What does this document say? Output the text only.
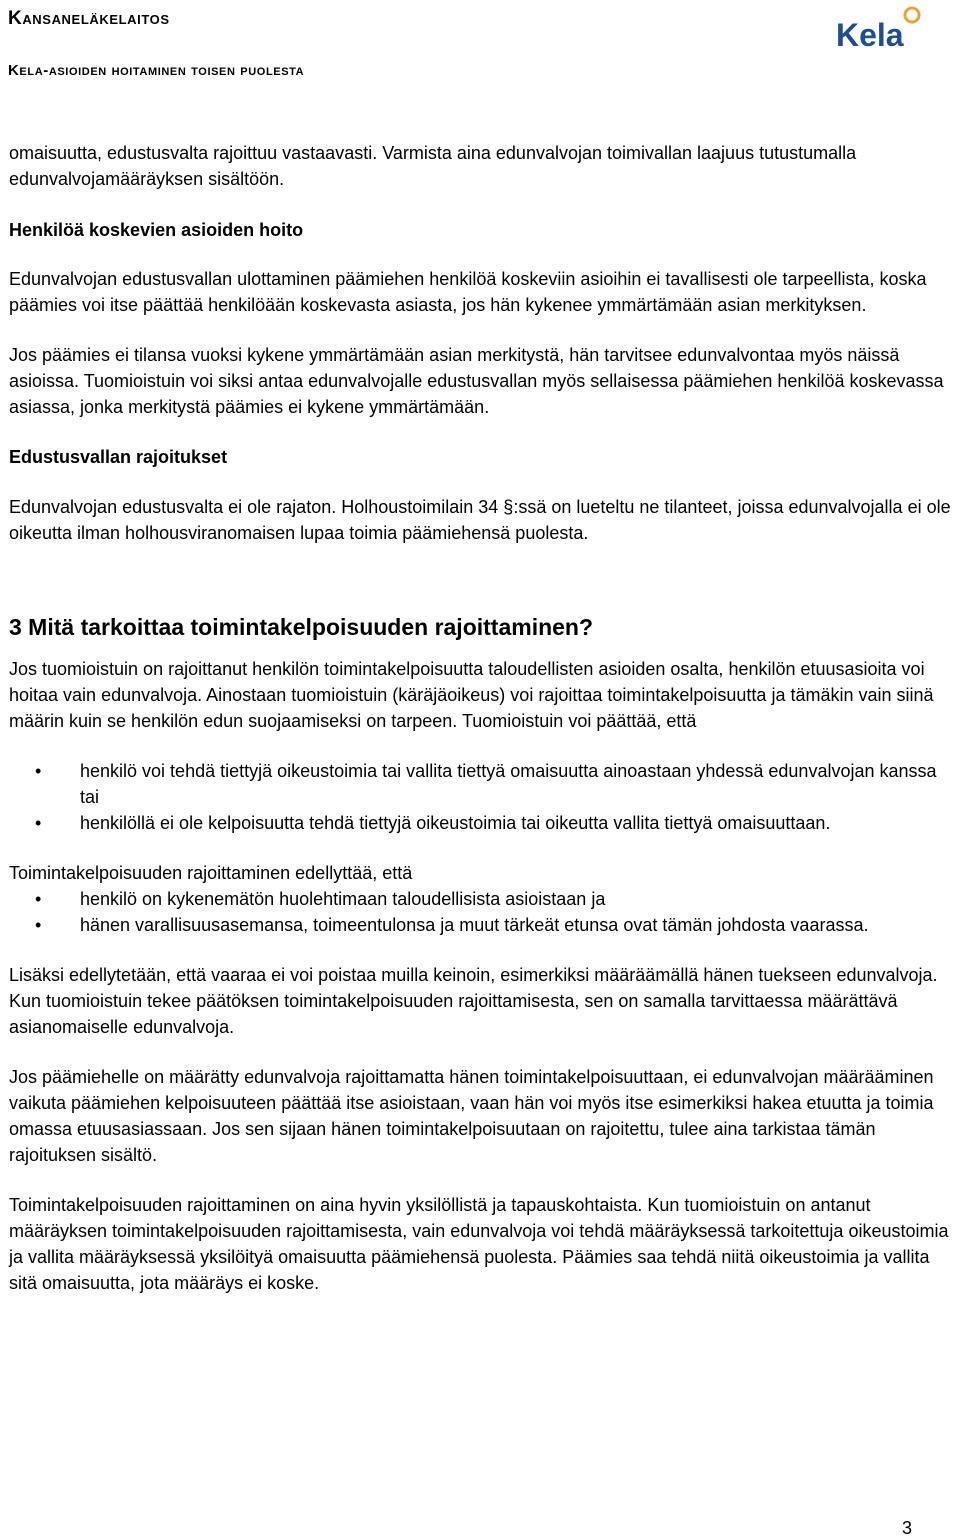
Kansaneläkelaitos
Kela-asioiden hoitaminen toisen puolesta
Kela

omaisuutta, edustusvalta rajoittuu vastaavasti. Varmista aina edunvalvojan toimivallan laajuus tutustumalla edunvalvojamääräyksen sisältöön.

Henkilöä koskevien asioiden hoito

Edunvalvojan edustusvallan ulottaminen päämiehen henkilöä koskeviin asioihin ei tavallisesti ole tarpeellista, koska päämies voi itse päättää henkilöään koskevasta asiasta, jos hän kykenee ymmärtämään asian merkityksen.

Jos päämies ei tilansa vuoksi kykene ymmärtämään asian merkitystä, hän tarvitsee edunvalvontaa myös näissä asioissa. Tuomioistuin voi siksi antaa edunvalvojalle edustusvallan myös sellaisessa päämiehen henkilöä koskevassa asiassa, jonka merkitystä päämies ei kykene ymmärtämään.

Edustusvallan rajoitukset

Edunvalvojan edustusvalta ei ole rajaton. Holhoustoimilain 34 §:ssä on lueteltu ne tilanteet, joissa edunvalvojalla ei ole oikeutta ilman holhousviranomaisen lupaa toimia päämiehensä puolesta.

3 Mitä tarkoittaa toimintakelpoisuuden rajoittaminen?

Jos tuomioistuin on rajoittanut henkilön toimintakelpoisuutta taloudellisten asioiden osalta, henkilön etuusasioita voi hoitaa vain edunvalvoja. Ainostaan tuomioistuin (käräjäoikeus) voi rajoittaa toimintakelpoisuutta ja tämäkin vain siinä määrin kuin se henkilön edun suojaamiseksi on tarpeen. Tuomioistuin voi päättää, että

• henkilö voi tehdä tiettyjä oikeustoimia tai vallita tiettyä omaisuutta ainoastaan yhdessä edunvalvojan kanssa tai
• henkilöllä ei ole kelpoisuutta tehdä tiettyjä oikeustoimia tai oikeutta vallita tiettyä omaisuuttaan.

Toimintakelpoisuuden rajoittaminen edellyttää, että

• henkilö on kykenemätön huolehtimaan taloudellisista asioistaan ja
• hänen varallisuusasemansa, toimeentulonsa ja muut tärkeät etunsa ovat tämän johdosta vaarassa.

Lisäksi edellytetään, että vaaraa ei voi poistaa muilla keinoin, esimerkiksi määräämällä hänen tuekseen edunvalvoja. Kun tuomioistuin tekee päätöksen toimintakelpoisuuden rajoittamisesta, sen on samalla tarvittaessa määrättävä asianomaiselle edunvalvoja.

Jos päämiehelle on määrätty edunvalvoja rajoittamatta hänen toimintakelpoisuuttaan, ei edunvalvojan määrääminen vaikuta päämiehen kelpoisuuteen päättää itse asioistaan, vaan hän voi myös itse esimerkiksi hakea etuutta ja toimia omassa etuusasiassaan. Jos sen sijaan hänen toimintakelpoisuutaan on rajoitettu, tulee aina tarkistaa tämän rajoituksen sisältö.

Toimintakelpoisuuden rajoittaminen on aina hyvin yksilöllistä ja tapauskohtaista. Kun tuomioistuin on antanut määräyksen toimintakelpoisuuden rajoittamisesta, vain edunvalvoja voi tehdä määräyksessä tarkoitettuja oikeustoimia ja vallita määräyksessä yksilöityä omaisuutta päämiehensä puolesta. Päämies saa tehdä niitä oikeustoimia ja vallita sitä omaisuutta, jota määräys ei koske.

3
